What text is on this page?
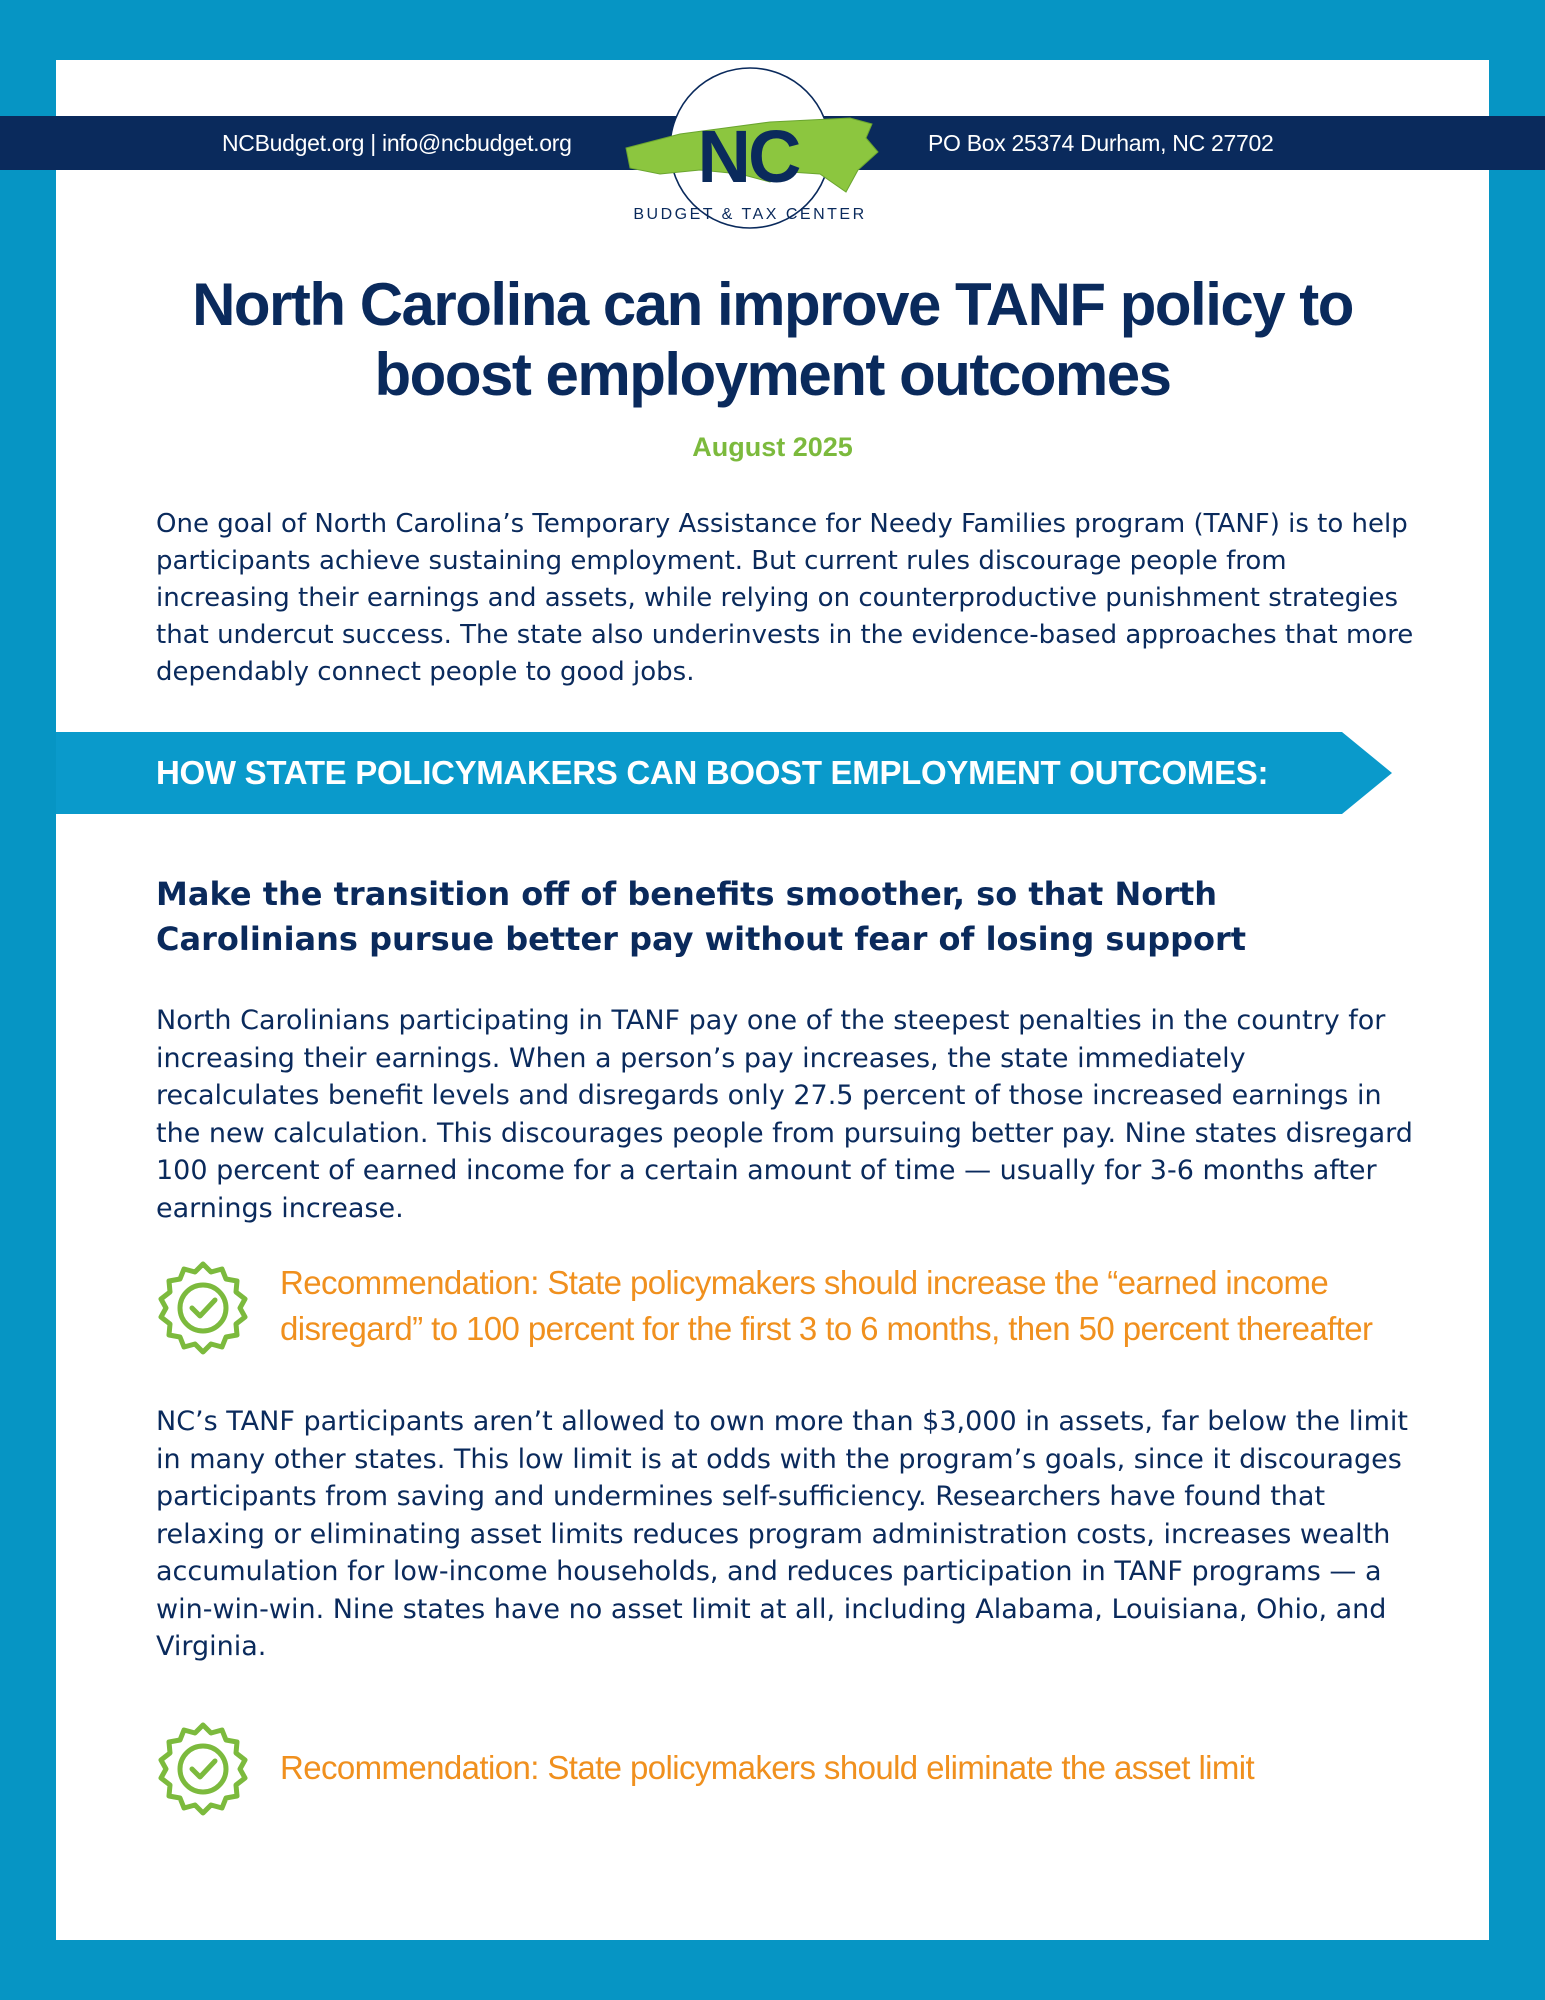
NCBudget.org | info@ncbudget.org	PO Box 25374 Durham, NC 27702
NC
BUDGET & TAX CENTER
North Carolina can improve TANF policy to boost employment outcomes
August 2025
One goal of North Carolina’s Temporary Assistance for Needy Families program (TANF) is to help participants achieve sustaining employment. But current rules discourage people from increasing their earnings and assets, while relying on counterproductive punishment strategies that undercut success. The state also underinvests in the evidence-based approaches that more dependably connect people to good jobs.
HOW STATE POLICYMAKERS CAN BOOST EMPLOYMENT OUTCOMES:
Make the transition off of benefits smoother, so that North Carolinians pursue better pay without fear of losing support
North Carolinians participating in TANF pay one of the steepest penalties in the country for increasing their earnings. When a person’s pay increases, the state immediately recalculates benefit levels and disregards only 27.5 percent of those increased earnings in the new calculation. This discourages people from pursuing better pay. Nine states disregard 100 percent of earned income for a certain amount of time — usually for 3-6 months after earnings increase.
Recommendation: State policymakers should increase the “earned income disregard” to 100 percent for the first 3 to 6 months, then 50 percent thereafter
NC’s TANF participants aren’t allowed to own more than $3,000 in assets, far below the limit in many other states. This low limit is at odds with the program’s goals, since it discourages participants from saving and undermines self-sufficiency. Researchers have found that relaxing or eliminating asset limits reduces program administration costs, increases wealth accumulation for low-income households, and reduces participation in TANF programs — a win-win-win. Nine states have no asset limit at all, including Alabama, Louisiana, Ohio, and Virginia.
Recommendation: State policymakers should eliminate the asset limit
